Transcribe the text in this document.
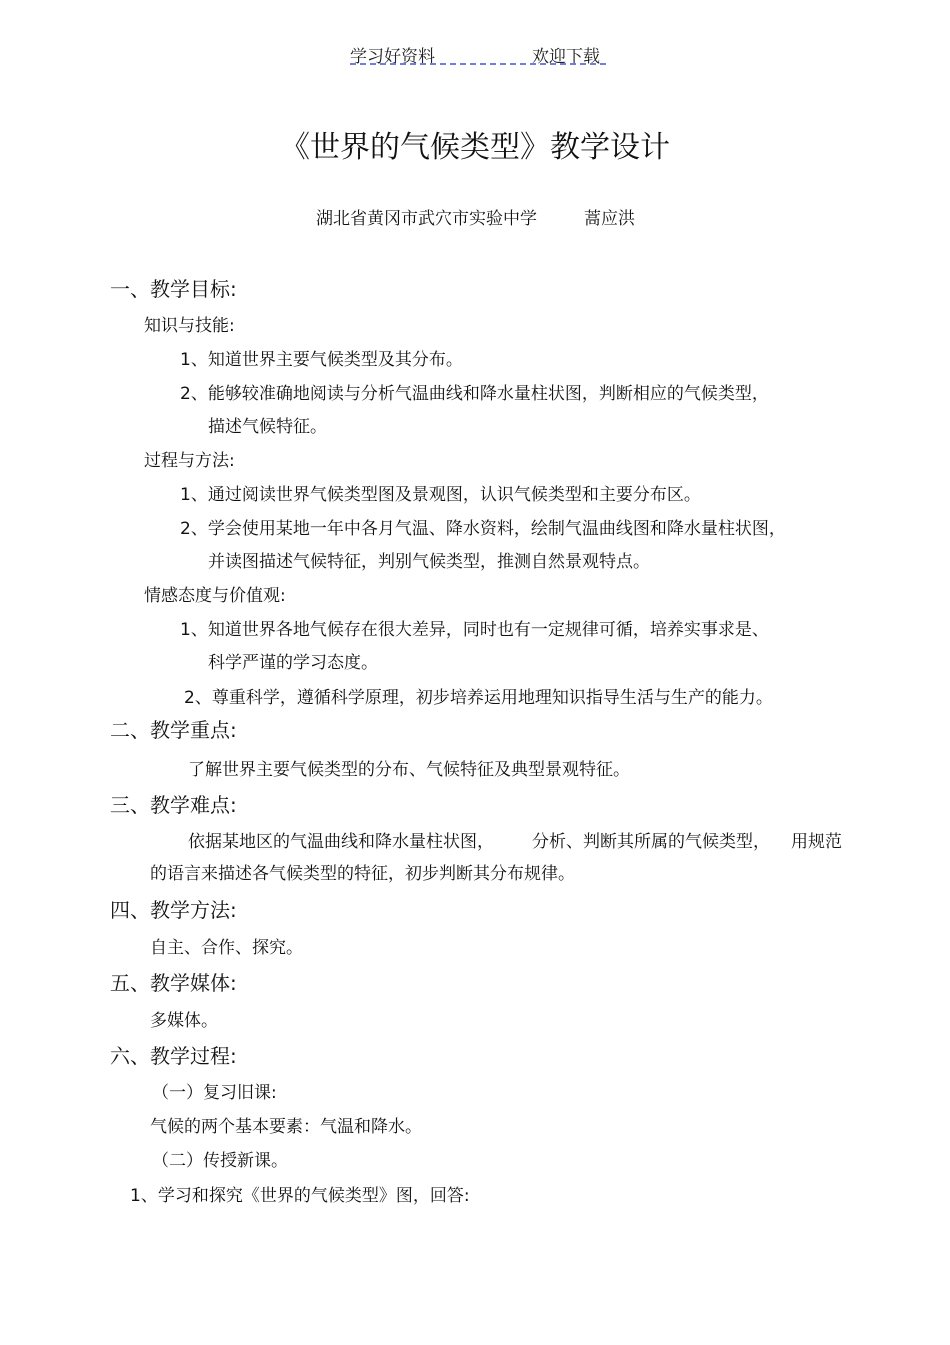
学习好资料	欢迎下载
《世界的气候类型》教学设计
湖北省黄冈市武穴市实验中学	蒿应洪
一、教学目标:
知识与技能:
1、知道世界主要气候类型及其分布。
2、能够较准确地阅读与分析气温曲线和降水量柱状图，判断相应的气候类型，
描述气候特征。
过程与方法:
1、通过阅读世界气候类型图及景观图，认识气候类型和主要分布区。
2、学会使用某地一年中各月气温、降水资料，绘制气温曲线图和降水量柱状图，
并读图描述气候特征，判别气候类型，推测自然景观特点。
情感态度与价值观:
1、知道世界各地气候存在很大差异，同时也有一定规律可循，培养实事求是、
科学严谨的学习态度。
2、尊重科学，遵循科学原理，初步培养运用地理知识指导生活与生产的能力。
二、教学重点:
了解世界主要气候类型的分布、气候特征及典型景观特征。
三、教学难点:
依据某地区的气温曲线和降水量柱状图， 分析、判断其所属的气候类型， 用规范
的语言来描述各气候类型的特征，初步判断其分布规律。
四、教学方法:
自主、合作、探究。
五、教学媒体:
多媒体。
六、教学过程:
（一）复习旧课:
气候的两个基本要素：气温和降水。
（二）传授新课。
1、学习和探究《世界的气候类型》图，回答:
